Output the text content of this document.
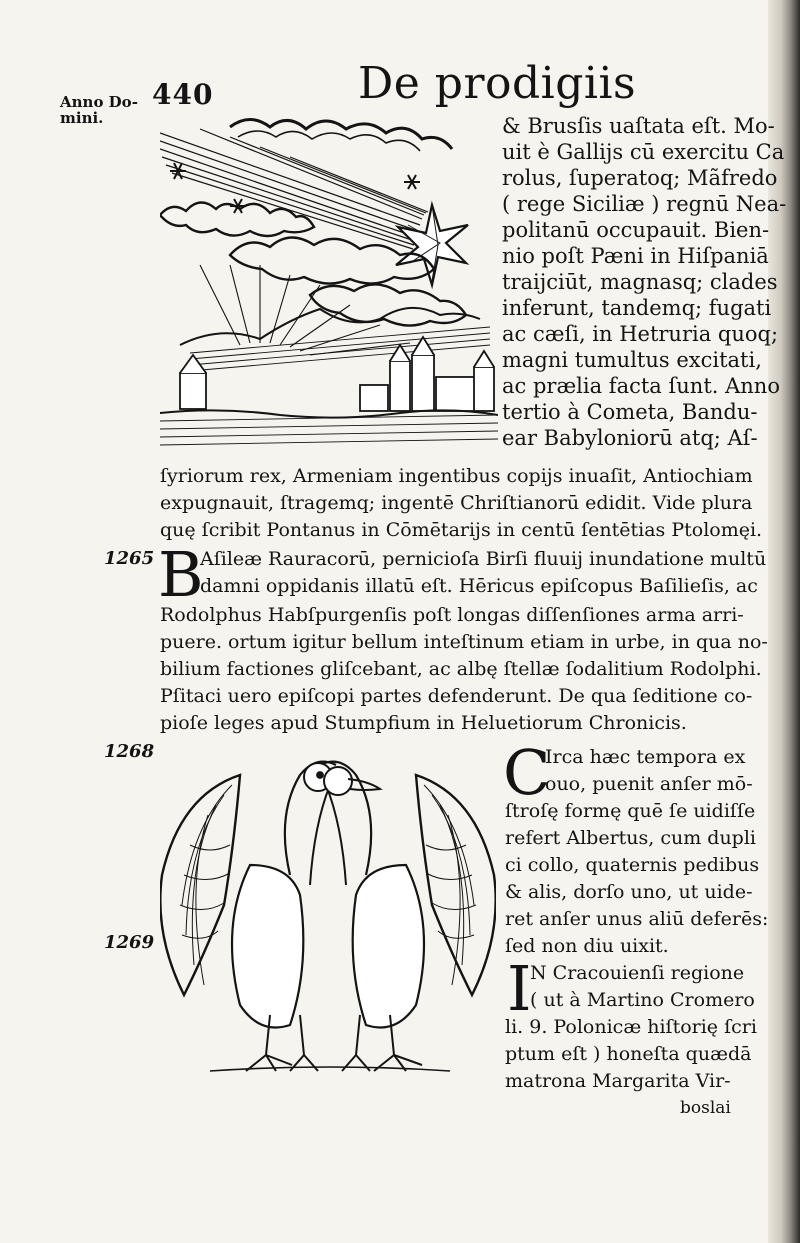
Anno Do-
mini.
440	De prodigiis
& Brusſis uaſtata eſt. Mo-
uit è Gallijs cū exercitu Ca
rolus, ſuperatoq; Mãfredo
( rege Siciliæ ) regnū Nea-
politanū occupauit. Bien-
nio poſt Pæni in Hiſpaniā
traijciūt, magnasq; clades
inferunt, tandemq; fugati
ac cæſi, in Hetruria quoq;
magni tumultus excitati,
ac prælia facta ſunt. Anno
tertio à Cometa, Bandu-
ear Babyloniorū atq; Aſ-
ſyriorum rex, Armeniam ingentibus copijs inuaſit, Antiochiam
expugnauit, ſtragemq; ingentē Chriſtianorū edidit. Vide plura
quę ſcribit Pontanus in Cōmētarijs in centū ſentētias Ptolomęi.
1265 B
Aſileæ Rauracorū, pernicioſa Birſi fluuij inundatione multū
damni oppidanis illatū eſt. Hēricus epiſcopus Baſilieſis, ac
Rodolphus Habſpurgenſis poſt longas diſſenſiones arma arri-
puere. ortum igitur bellum inteſtinum etiam in urbe, in qua no-
bilium factiones gliſcebant, ac albę ſtellæ ſodalitium Rodolphi.
Pſitaci uero epiſcopi partes defenderunt. De qua ſeditione co-
pioſe leges apud Stumpfium in Heluetiorum Chronicis.
1268
1269
C
Irca hæc tempora ex
ouo, puenit anſer mō-
ſtroſę formę quē ſe uidiſſe
refert Albertus, cum dupli
ci collo, quaternis pedibus
& alis, dorſo uno, ut uide-
ret anſer unus aliū deferēs:
ſed non diu uixit.
I
N Cracouienſi regione
( ut à Martino Cromero
li. 9. Polonicæ hiſtorię ſcri
ptum eſt ) honeſta quædā
matrona Margarita Vir-
boslai
